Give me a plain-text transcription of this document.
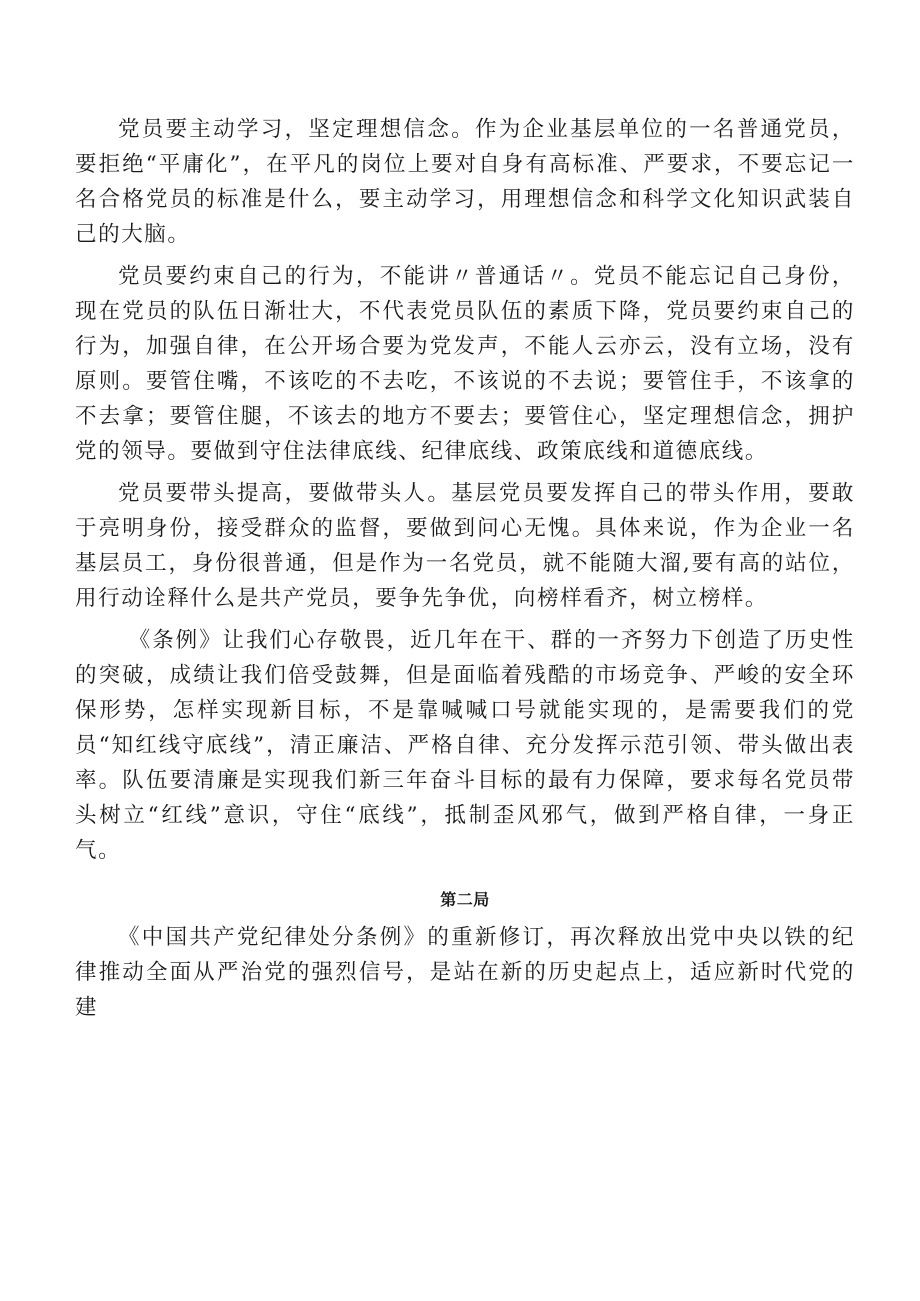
党员要主动学习，坚定理想信念。作为企业基层单位的一名普通党员，要拒绝“平庸化”，在平凡的岗位上要对自身有高标准、严要求，不要忘记一名合格党员的标准是什么，要主动学习，用理想信念和科学文化知识武装自己的大脑。

党员要约束自己的行为，不能讲〃普通话〃。党员不能忘记自己身份，现在党员的队伍日渐壮大，不代表党员队伍的素质下降，党员要约束自己的行为，加强自律，在公开场合要为党发声，不能人云亦云，没有立场，没有原则。要管住嘴，不该吃的不去吃，不该说的不去说；要管住手，不该拿的不去拿；要管住腿，不该去的地方不要去；要管住心，坚定理想信念，拥护党的领导。要做到守住法律底线、纪律底线、政策底线和道德底线。

党员要带头提高，要做带头人。基层党员要发挥自己的带头作用，要敢于亮明身份，接受群众的监督，要做到问心无愧。具体来说，作为企业一名基层员工，身份很普通，但是作为一名党员，就不能随大溜,要有高的站位，用行动诠释什么是共产党员，要争先争优，向榜样看齐，树立榜样。

《条例》让我们心存敬畏，近几年在干、群的一齐努力下创造了历史性的突破，成绩让我们倍受鼓舞，但是面临着残酷的市场竞争、严峻的安全环保形势，怎样实现新目标，不是靠喊喊口号就能实现的，是需要我们的党员“知红线守底线”，清正廉洁、严格自律、充分发挥示范引领、带头做出表率。队伍要清廉是实现我们新三年奋斗目标的最有力保障，要求每名党员带头树立“红线”意识，守住“底线”，抵制歪风邪气，做到严格自律，一身正气。

第二局

《中国共产党纪律处分条例》的重新修订，再次释放出党中央以铁的纪律推动全面从严治党的强烈信号，是站在新的历史起点上，适应新时代党的建
